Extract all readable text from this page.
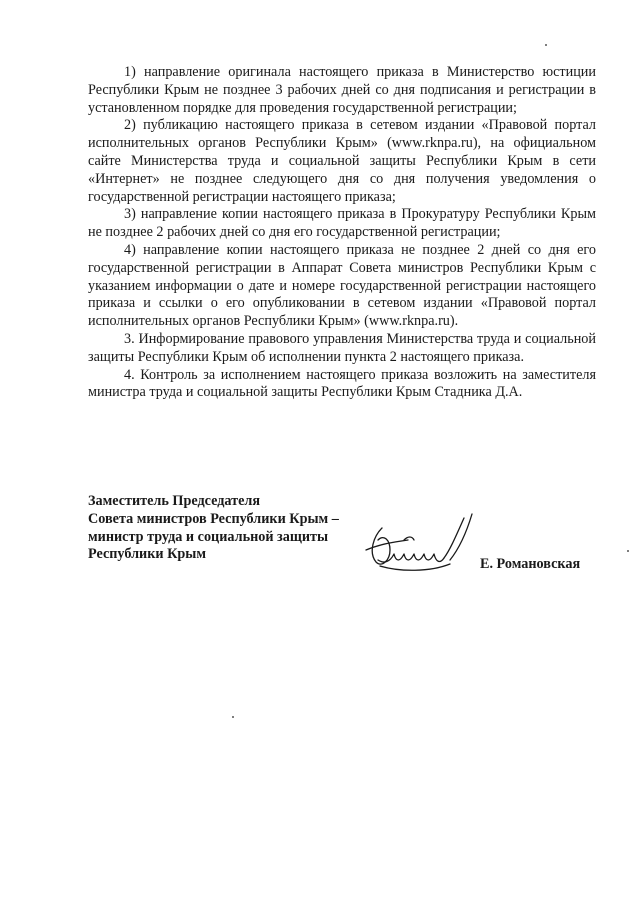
1) направление оригинала настоящего приказа в Министерство юстиции Республики Крым не позднее 3 рабочих дней со дня подписания и регистрации в установленном порядке для проведения государственной регистрации;

2) публикацию настоящего приказа в сетевом издании «Правовой портал исполнительных органов Республики Крым» (www.rknpa.ru), на официальном сайте Министерства труда и социальной защиты Республики Крым в сети «Интернет» не позднее следующего дня со дня получения уведомления о государственной регистрации настоящего приказа;

3) направление копии настоящего приказа в Прокуратуру Республики Крым не позднее 2 рабочих дней со дня его государственной регистрации;

4) направление копии настоящего приказа не позднее 2 дней со дня его государственной регистрации в Аппарат Совета министров Республики Крым с указанием информации о дате и номере государственной регистрации настоящего приказа и ссылки о его опубликовании в сетевом издании «Правовой портал исполнительных органов Республики Крым» (www.rknpa.ru).

3. Информирование правового управления Министерства труда и социальной защиты Республики Крым об исполнении пункта 2 настоящего приказа.

4. Контроль за исполнением настоящего приказа возложить на заместителя министра труда и социальной защиты Республики Крым Стадника Д.А.

Заместитель Председателя
Совета министров Республики Крым –
министр труда и социальной защиты
Республики Крым
Е. Романовская
